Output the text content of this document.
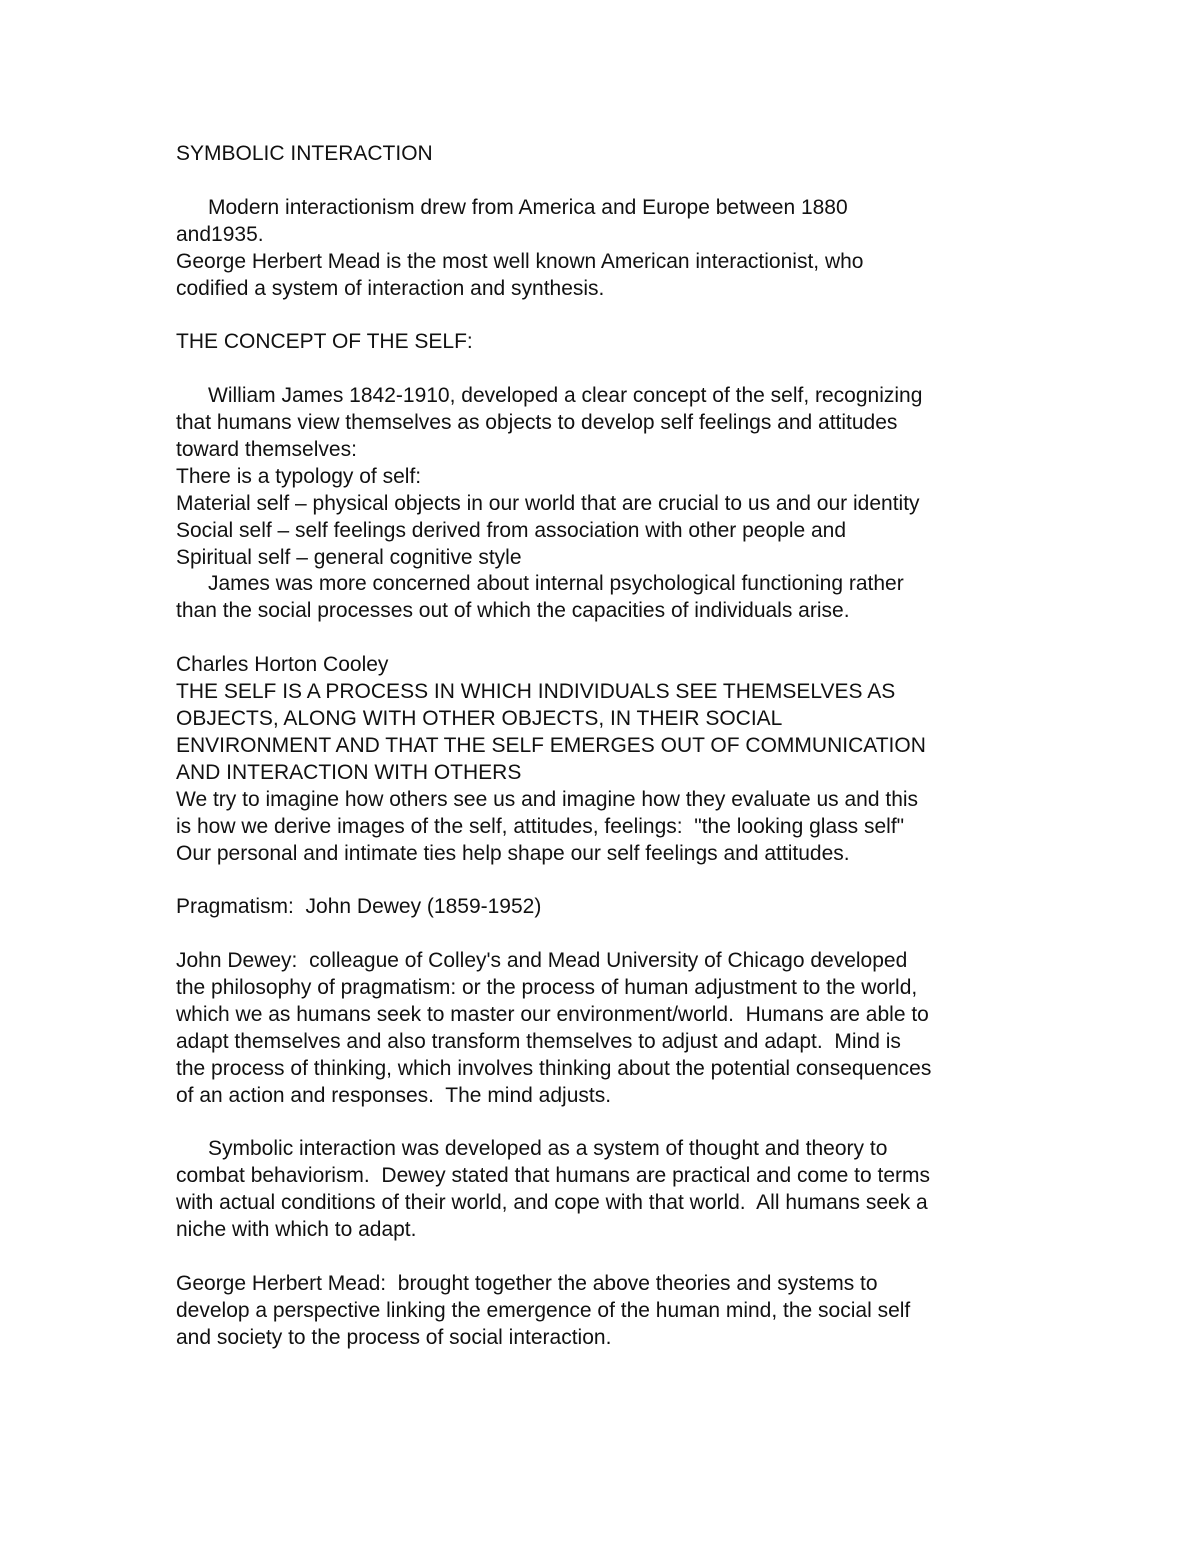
SYMBOLIC INTERACTION
Modern interactionism drew from America and Europe between 1880
and1935.
George Herbert Mead is the most well known American interactionist, who
codified a system of interaction and synthesis.
THE CONCEPT OF THE SELF:
William James 1842-1910, developed a clear concept of the self, recognizing
that humans view themselves as objects to develop self feelings and attitudes
toward themselves:
There is a typology of self:
Material self – physical objects in our world that are crucial to us and our identity
Social self – self feelings derived from association with other people and
Spiritual self – general cognitive style
James was more concerned about internal psychological functioning rather
than the social processes out of which the capacities of individuals arise.
Charles Horton Cooley
THE SELF IS A PROCESS IN WHICH INDIVIDUALS SEE THEMSELVES AS
OBJECTS, ALONG WITH OTHER OBJECTS, IN THEIR SOCIAL
ENVIRONMENT AND THAT THE SELF EMERGES OUT OF COMMUNICATION
AND INTERACTION WITH OTHERS
We try to imagine how others see us and imagine how they evaluate us and this
is how we derive images of the self, attitudes, feelings:  "the looking glass self"
Our personal and intimate ties help shape our self feelings and attitudes.
Pragmatism:  John Dewey (1859-1952)
John Dewey:  colleague of Colley's and Mead University of Chicago developed
the philosophy of pragmatism: or the process of human adjustment to the world,
which we as humans seek to master our environment/world.  Humans are able to
adapt themselves and also transform themselves to adjust and adapt.  Mind is
the process of thinking, which involves thinking about the potential consequences
of an action and responses.  The mind adjusts.
Symbolic interaction was developed as a system of thought and theory to
combat behaviorism.  Dewey stated that humans are practical and come to terms
with actual conditions of their world, and cope with that world.  All humans seek a
niche with which to adapt.
George Herbert Mead:  brought together the above theories and systems to
develop a perspective linking the emergence of the human mind, the social self
and society to the process of social interaction.
